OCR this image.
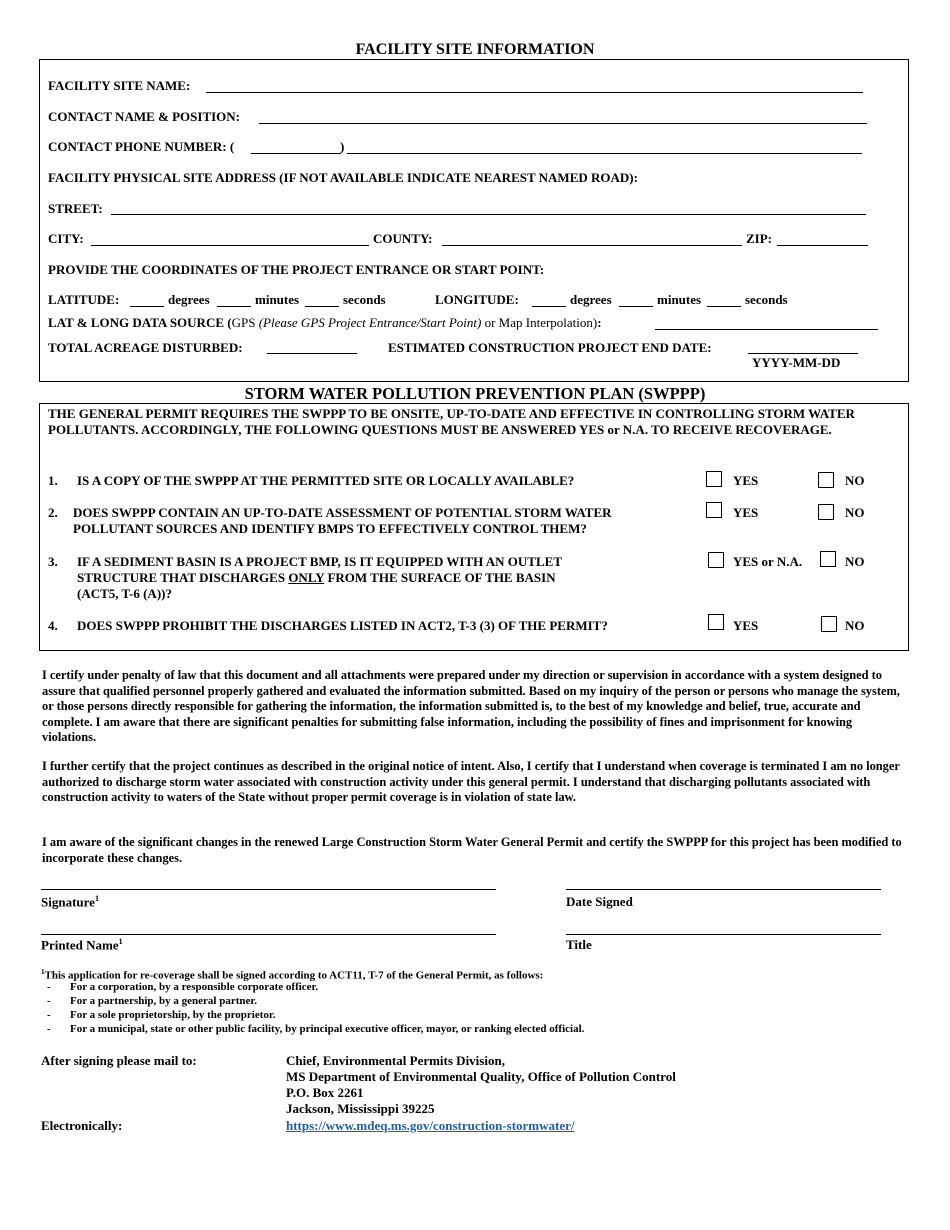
FACILITY SITE INFORMATION
FACILITY SITE NAME:
CONTACT NAME & POSITION:
CONTACT PHONE NUMBER: (	)
FACILITY PHYSICAL SITE ADDRESS (IF NOT AVAILABLE INDICATE NEAREST NAMED ROAD):
STREET:
CITY:	COUNTY:	ZIP:
PROVIDE THE COORDINATES OF THE PROJECT ENTRANCE OR START POINT:
LATITUDE:	degrees	minutes	seconds	LONGITUDE:	degrees	minutes	seconds
LAT & LONG DATA SOURCE (GPS (Please GPS Project Entrance/Start Point) or Map Interpolation):
TOTAL ACREAGE DISTURBED:	ESTIMATED CONSTRUCTION PROJECT END DATE:
YYYY-MM-DD
STORM WATER POLLUTION PREVENTION PLAN (SWPPP)
THE GENERAL PERMIT REQUIRES THE SWPPP TO BE ONSITE, UP-TO-DATE AND EFFECTIVE IN CONTROLLING STORM WATER POLLUTANTS. ACCORDINGLY, THE FOLLOWING QUESTIONS MUST BE ANSWERED YES or N.A. TO RECEIVE RECOVERAGE.
1. IS A COPY OF THE SWPPP AT THE PERMITTED SITE OR LOCALLY AVAILABLE?	YES	NO
2. DOES SWPPP CONTAIN AN UP-TO-DATE ASSESSMENT OF POTENTIAL STORM WATER
POLLUTANT SOURCES AND IDENTIFY BMPS TO EFFECTIVELY CONTROL THEM?
YES	NO
3. IF A SEDIMENT BASIN IS A PROJECT BMP, IS IT EQUIPPED WITH AN OUTLET
STRUCTURE THAT DISCHARGES ONLY FROM THE SURFACE OF THE BASIN
(ACT5, T-6 (A))?
YES or N.A.	NO
4. DOES SWPPP PROHIBIT THE DISCHARGES LISTED IN ACT2, T-3 (3) OF THE PERMIT?	YES	NO
I certify under penalty of law that this document and all attachments were prepared under my direction or supervision in accordance with a system designed to assure that qualified personnel properly gathered and evaluated the information submitted. Based on my inquiry of the person or persons who manage the system, or those persons directly responsible for gathering the information, the information submitted is, to the best of my knowledge and belief, true, accurate and complete. I am aware that there are significant penalties for submitting false information, including the possibility of fines and imprisonment for knowing violations.
I further certify that the project continues as described in the original notice of intent. Also, I certify that I understand when coverage is terminated I am no longer authorized to discharge storm water associated with construction activity under this general permit. I understand that discharging pollutants associated with construction activity to waters of the State without proper permit coverage is in violation of state law.
I am aware of the significant changes in the renewed Large Construction Storm Water General Permit and certify the SWPPP for this project has been modified to incorporate these changes.
Signature$^1$	Date Signed
Printed Name$^1$	Title
$^1$This application for re-coverage shall be signed according to ACT11, T-7 of the General Permit, as follows:
- For a corporation, by a responsible corporate officer.
- For a partnership, by a general partner.
- For a sole proprietorship, by the proprietor.
- For a municipal, state or other public facility, by principal executive officer, mayor, or ranking elected official.
After signing please mail to:	Chief, Environmental Permits Division,
MS Department of Environmental Quality, Office of Pollution Control
P.O. Box 2261
Jackson, Mississippi 39225
Electronically:	https://www.mdeq.ms.gov/construction-stormwater/
